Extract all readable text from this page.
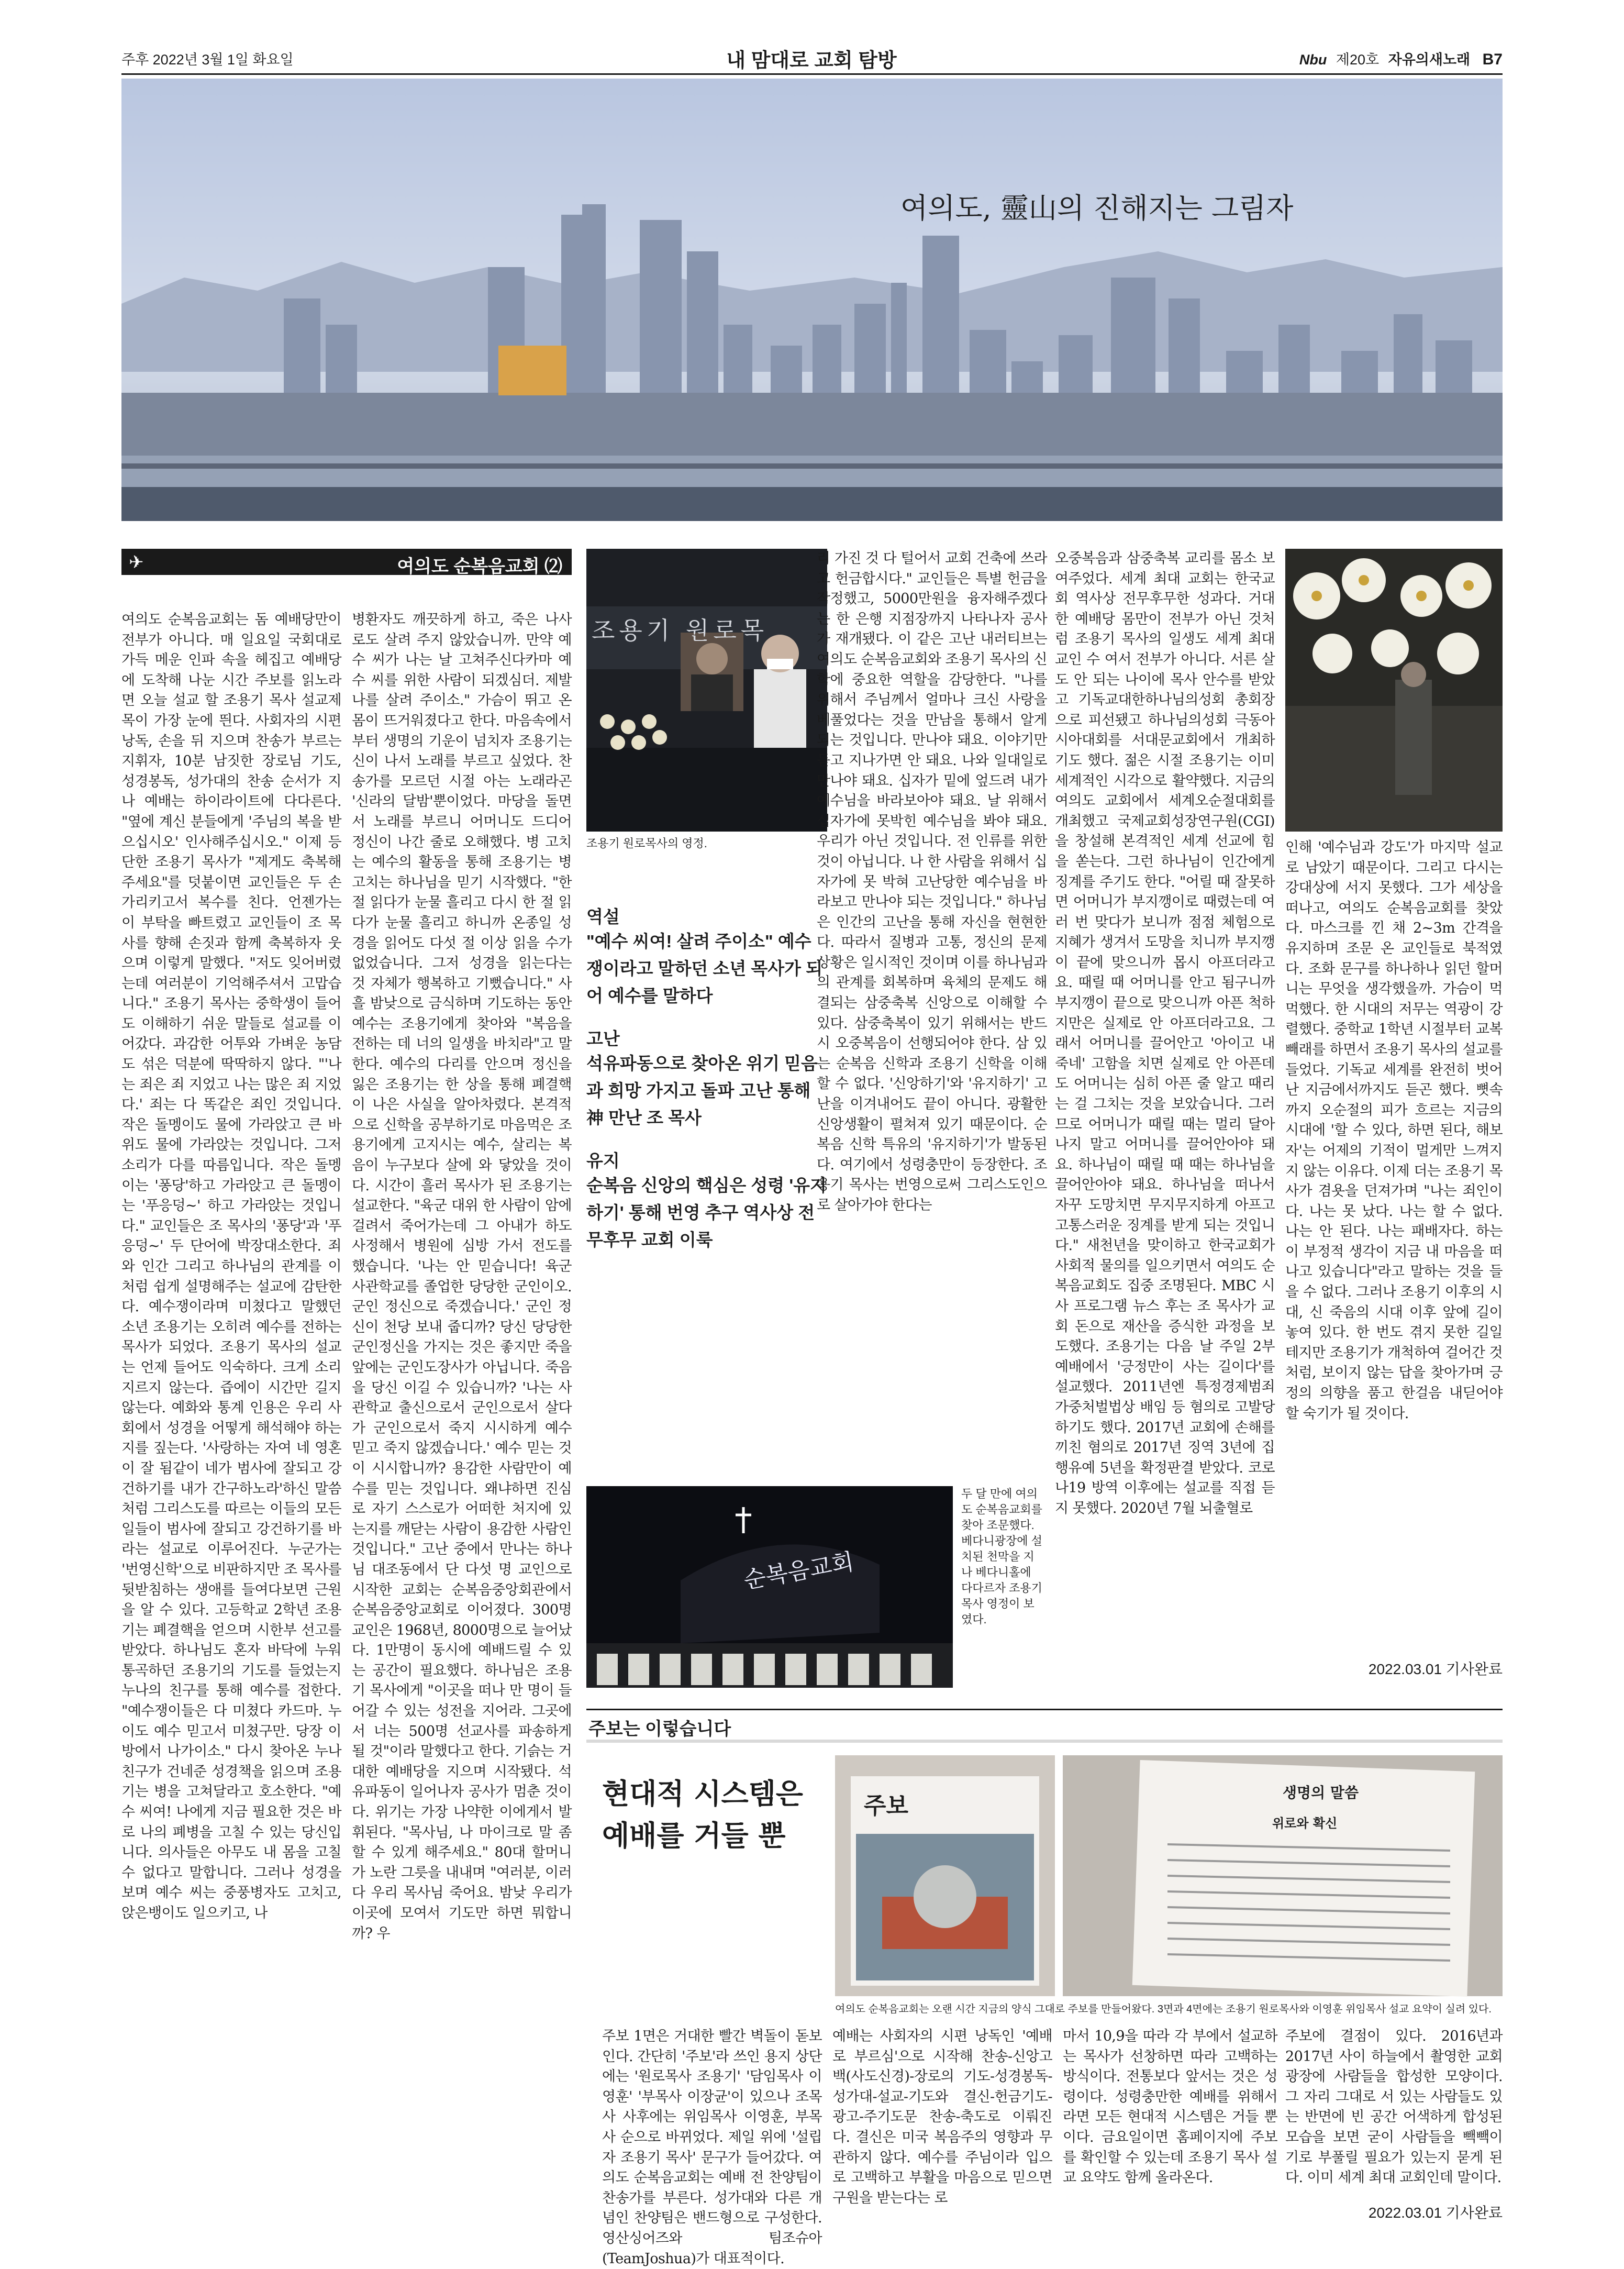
주후 2022년 3월 1일 화요일	내 맘대로 교회 탐방	Nbu 제20호 자유의새노래 B7
여의도, 靈山의 진해지는 그림자
✈	여의도 순복음교회 ⑵

여의도 순복음교회는 돔 예배당만이 전부가 아니다. 매 일요일 국회대로 가득 메운 인파 속을 헤집고 예배당에 도착해 나눈 시간 주보를 읽노라면 오늘 설교 할 조용기 목사 설교제목이 가장 눈에 띈다. 사회자의 시편 낭독, 손을 뒤 지으며 찬송가 부르는 지휘자, 10분 남짓한 장로님 기도, 성경봉독, 성가대의 찬송 순서가 지나 예배는 하이라이트에 다다른다. "옆에 계신 분들에게 '주님의 복을 받으십시오' 인사해주십시오." 이제 등단한 조용기 목사가 "제게도 축복해주세요"를 덧붙이면 교인들은 두 손 가리키고서 복수를 친다. 언젠가는 이 부탁을 빠트렸고 교인들이 조 목사를 향해 손짓과 함께 축복하자 웃으며 이렇게 말했다. "저도 잊어버렸는데 여러분이 기억해주셔서 고맙습니다." 조용기 목사는 중학생이 들어도 이해하기 쉬운 말들로 설교를 이어갔다. 과감한 어투와 가벼운 농담도 섞은 덕분에 딱딱하지 않다. "'나는 죄은 죄 지었고 나는 많은 죄 지었다.' 죄는 다 똑같은 죄인 것입니다. 작은 돌멩이도 물에 가라앉고 큰 바위도 물에 가라앉는 것입니다. 그저 소리가 다를 따름입니다. 작은 돌멩이는 '퐁당'하고 가라앉고 큰 돌멩이는 '푸응덩~' 하고 가라앉는 것입니다." 교인들은 조 목사의 '퐁당'과 '푸응덩~' 두 단어에 박장대소한다. 죄와 인간 그리고 하나님의 관계를 이처럼 쉽게 설명해주는 설교에 감탄한다. 예수쟁이라며 미쳤다고 말했던 소년 조용기는 오히려 예수를 전하는 목사가 되었다. 조용기 목사의 설교는 언제 들어도 익숙하다. 크게 소리 지르지 않는다. 즙에이 시간만 길지 않는다. 예화와 통계 인용은 우리 사회에서 성경을 어떻게 해석해야 하는지를 짚는다. '사랑하는 자여 네 영혼이 잘 됨같이 네가 범사에 잘되고 강건하기를 내가 간구하노라'하신 말씀처럼 그리스도를 따르는 이들의 모든 일들이 범사에 잘되고 강건하기를 바라는 설교로 이루어진다. 누군가는 '번영신학'으로 비판하지만 조 목사를 뒷받침하는 생애를 들여다보면 근원을 알 수 있다. 고등학교 2학년 조용기는 폐결핵을 얻으며 시한부 선고를 받았다. 하나님도 혼자 바닥에 누워 통곡하던 조용기의 기도를 들었는지 누나의 친구를 통해 예수를 접한다. "예수쟁이들은 다 미쳤다 카드마. 누이도 예수 믿고서 미쳤구만. 당장 이 방에서 나가이소." 다시 찾아온 누나 친구가 건네준 성경책을 읽으며 조용기는 병을 고쳐달라고 호소한다. "예수 씨여! 나에게 지금 필요한 것은 바로 나의 폐병을 고칠 수 있는 당신입니다. 의사들은 아무도 내 몸을 고칠 수 없다고 말합니다. 그러나 성경을 보며 예수 씨는 중풍병자도 고치고, 앉은뱅이도 일으키고, 나

병환자도 깨끗하게 하고, 죽은 나사로도 살려 주지 않았습니까. 만약 예수 씨가 나는 날 고쳐주신다카마 예수 씨를 위한 사람이 되겠심더. 제발 나를 살려 주이소." 가슴이 뛰고 온 몸이 뜨거워졌다고 한다. 마음속에서부터 생명의 기운이 넘치자 조용기는 신이 나서 노래를 부르고 싶었다. 찬송가를 모르던 시절 아는 노래라곤 '신라의 달밤'뿐이었다. 마당을 돌면서 노래를 부르니 어머니도 드디어 정신이 나간 줄로 오해했다. 병 고치는 예수의 활동을 통해 조용기는 병 고치는 하나님을 믿기 시작했다. "한 절 읽다가 눈물 흘리고 다시 한 절 읽다가 눈물 흘리고 하니까 온종일 성경을 읽어도 다섯 절 이상 읽을 수가 없었습니다. 그저 성경을 읽는다는 것 자체가 행복하고 기뻤습니다." 사흘 밤낮으로 금식하며 기도하는 동안 예수는 조용기에게 찾아와 "복음을 전하는 데 너의 일생을 바치라"고 말한다. 예수의 다리를 안으며 정신을 잃은 조용기는 한 상을 통해 폐결핵이 나은 사실을 알아차렸다. 본격적으로 신학을 공부하기로 마음먹은 조용기에게 고지시는 예수, 살리는 복음이 누구보다 살에 와 닿았을 것이다. 시간이 흘러 목사가 된 조용기는 설교한다. "육군 대위 한 사람이 암에 걸려서 죽어가는데 그 아내가 하도 사정해서 병원에 심방 가서 전도를 했습니다. '나는 안 믿습니다! 육군 사관학교를 졸업한 당당한 군인이오. 군인 정신으로 죽겠습니다.' 군인 정신이 천당 보내 줍디까? 당신 당당한 군인정신을 가지는 것은 좋지만 죽을 앞에는 군인도장사가 아닙니다. 죽음을 당신 이길 수 있습니까? '나는 사관학교 출신으로서 군인으로서 살다가 군인으로서 죽지 시시하게 예수 믿고 죽지 않겠습니다.' 예수 믿는 것이 시시합니까? 용감한 사람만이 예수를 믿는 것입니다. 왜냐하면 진심로 자기 스스로가 어떠한 처지에 있는지를 깨닫는 사람이 용감한 사람인 것입니다." 고난 중에서 만나는 하나님 대조동에서 단 다섯 명 교인으로 시작한 교회는 순복음중앙회관에서 순복음중앙교회로 이어졌다. 300명 교인은 1968년, 8000명으로 늘어났다. 1만명이 동시에 예배드릴 수 있는 공간이 필요했다. 하나님은 조용기 목사에게 "이곳을 떠나 만 명이 들어갈 수 있는 성전을 지어라. 그곳에서 너는 500명 선교사를 파송하게 될 것"이라 말했다고 한다. 기슭는 거대한 예배당을 지으며 시작됐다. 석유파동이 일어나자 공사가 멈춘 것이다. 위기는 가장 나약한 이에게서 발휘된다. "목사님, 나 마이크로 말 좀 할 수 있게 해주세요." 80대 할머니가 노란 그릇을 내내며 "여러분, 이러다 우리 목사님 죽어요. 밤낮 우리가 이곳에 모여서 기도만 하면 뭐합니까? 우

조용기 원로목
조용기 원로목사의 영정.
역설
"예수 씨여! 살려 주이소" 예수쟁이라고 말하던 소년 목사가 되어 예수를 말하다
고난
석유파동으로 찾아온 위기 믿음과 희망 가지고 돌파 고난 통해 神 만난 조 목사
유지
순복음 신앙의 핵심은 성령 '유지하기' 통해 번영 추구 역사상 전무후무 교회 이룩

리 가진 것 다 털어서 교회 건축에 쓰라고 헌금합시다." 교인들은 특별 헌금을 작정했고, 5000만원을 융자해주겠다는 한 은행 지점장까지 나타나자 공사가 재개됐다. 이 같은 고난 내러티브는 여의도 순복음교회와 조용기 목사의 신학에 중요한 역할을 감당한다. "나를 위해서 주님께서 얼마나 크신 사랑을 베풀었다는 것을 만남을 통해서 알게 되는 것입니다. 만나야 돼요. 이야기만 듣고 지나가면 안 돼요. 나와 일대일로 만나야 돼요. 십자가 밑에 엎드려 내가 예수님을 바라보아야 돼요. 날 위해서 십자가에 못박힌 예수님을 봐야 돼요. 우리가 아닌 것입니다. 전 인류를 위한 것이 아닙니다. 나 한 사람을 위해서 십자가에 못 박혀 고난당한 예수님을 바라보고 만나야 되는 것입니다." 하나님은 인간의 고난을 통해 자신을 현현한다. 따라서 질병과 고통, 정신의 문제 상황은 일시적인 것이며 이를 하나님과의 관계를 회복하며 육체의 문제도 해결되는 삼중축복 신앙으로 이해할 수 있다. 삼중축복이 있기 위해서는 반드시 오중복음이 선행되어야 한다. 삼 있는 순복음 신학과 조용기 신학을 이해할 수 없다. '신앙하기'와 '유지하기' 고난을 이겨내어도 끝이 아니다. 광활한 신앙생활이 펼쳐져 있기 때문이다. 순복음 신학 특유의 '유지하기'가 발동된다. 여기에서 성령충만이 등장한다. 조용기 목사는 번영으로써 그리스도인으로 살아가야 한다는

오중복음과 삼중축복 교리를 몸소 보여주었다. 세계 최대 교회는 한국교회 역사상 전무후무한 성과다. 거대한 예배당 몸만이 전부가 아닌 것처럼 조용기 목사의 일생도 세계 최대 교인 수 여서 전부가 아니다. 서른 살도 안 되는 나이에 목사 안수를 받았고 기독교대한하나님의성회 총회장으로 피선됐고 하나님의성회 극동아시아대회를 서대문교회에서 개최하기도 했다. 젊은 시절 조용기는 이미 세계적인 시각으로 활약했다. 지금의 여의도 교회에서 세계오순절대회를 개최했고 국제교회성장연구원(CGI)을 창설해 본격적인 세계 선교에 힘을 쏟는다. 그런 하나님이 인간에게 징계를 주기도 한다. "어릴 때 잘못하면 어머니가 부지깽이로 때렸는데 여러 번 맞다가 보니까 점점 체험으로 지혜가 생겨서 도망을 치니까 부지깽이 끝에 맞으니까 몹시 아프더라고요. 때릴 때 어머니를 안고 됨구니까 부지깽이 끝으로 맞으니까 아픈 척하지만은 실제로 안 아프더라고요. 그래서 어머니를 끌어안고 '아이고 내 죽네' 고함을 치면 실제로 안 아픈데도 어머니는 심히 아픈 줄 알고 때리는 걸 그치는 것을 보았습니다. 그러므로 어머니가 때릴 때는 멀리 달아나지 말고 어머니를 끌어안아야 돼요. 하나님이 때릴 때 때는 하나님을 끌어안아야 돼요. 하나님을 떠나서 자꾸 도망치면 무지무지하게 아프고 고통스러운 징계를 받게 되는 것입니다." 새천년을 맞이하고 한국교회가 사회적 물의를 일으키면서 여의도 순복음교회도 집중 조명된다. MBC 시사 프로그램 뉴스 후는 조 목사가 교회 돈으로 재산을 증식한 과정을 보도했다. 조용기는 다음 날 주일 2부예배에서 '긍정만이 사는 길이다'를 설교했다. 2011년엔 특정경제범죄가중처벌법상 배임 등 혐의로 고발당하기도 했다. 2017년 교회에 손해를 끼친 혐의로 2017년 징역 3년에 집행유예 5년을 확정판결 받았다. 코로나19 방역 이후에는 설교를 직접 듣지 못했다. 2020년 7월 뇌출혈로

인해 '예수님과 강도'가 마지막 설교로 남았기 때문이다. 그리고 다시는 강대상에 서지 못했다. 그가 세상을 떠나고, 여의도 순복음교회를 찾았다. 마스크를 낀 채 2~3m 간격을 유지하며 조문 온 교인들로 북적였다. 조화 문구를 하나하나 읽던 할머니는 무엇을 생각했을까. 가슴이 먹먹했다. 한 시대의 저무는 역광이 강렬했다. 중학교 1학년 시절부터 교복 빼래를 하면서 조용기 목사의 설교를 들었다. 기독교 세계를 완전히 벗어난 지금에서까지도 듣곤 했다. 뼛속까지 오순절의 피가 흐르는 지금의 시대에 '할 수 있다, 하면 된다, 해보자'는 어제의 기적이 멀게만 느껴지지 않는 이유다. 이제 더는 조용기 목사가 겸욧을 던져가며 "나는 죄인이다. 나는 못 났다. 나는 할 수 없다. 나는 안 된다. 나는 패배자다. 하는 이 부정적 생각이 지금 내 마음을 떠나고 있습니다"라고 말하는 것을 들을 수 없다. 그러나 조용기 이후의 시대, 신 죽음의 시대 이후 앞에 길이 놓여 있다. 한 번도 겪지 못한 길일 테지만 조용기가 개척하여 걸어간 것처럼, 보이지 않는 답을 찾아가며 긍정의 의향을 품고 한걸음 내딛어야 할 숙기가 될 것이다.

2022.03.01 기사완료
순복음교회
두 달 만에 여의도 순복음교회를 찾아 조문했다. 베다니광장에 설치된 천막을 지나 베다니홀에 다다르자 조용기 목사 영정이 보였다.
주보는 이렇습니다
현대적 시스템은
예배를 거들 뿐
주보	생명의 말씀
위로와 확신
여의도 순복음교회는 오랜 시간 지금의 양식 그대로 주보를 만들어왔다. 3면과 4면에는 조용기 원로목사와 이영훈 위임목사 설교 요약이 실려 있다.

주보 1면은 거대한 빨간 벽돌이 돋보인다. 간단히 '주보'라 쓰인 용지 상단에는 '원로목사 조용기' '담임목사 이영훈' '부목사 이장균'이 있으나 조목사 사후에는 위임목사 이영훈, 부목사 순으로 바뀌었다. 제일 위에 '설립자 조용기 목사' 문구가 들어갔다. 여의도 순복음교회는 예배 전 찬양팀이 찬송가를 부른다. 성가대와 다른 개념인 찬양팀은 밴드형으로 구성한다. 영산싱어즈와 팀조슈아(TeamJoshua)가 대표적이다.

예배는 사회자의 시편 낭독인 '예배로 부르심'으로 시작해 찬송-신앙고백(사도신경)-장로의 기도-성경봉독-성가대-설교-기도와 결신-헌금기도-광고-주기도문 찬송-축도로 이뤄진다. 결신은 미국 복음주의 영향과 무관하지 않다. 예수를 주님이라 입으로 고백하고 부활을 마음으로 믿으면 구원을 받는다는 로

마서 10,9을 따라 각 부에서 설교하는 목사가 선창하면 따라 고백하는 방식이다. 전통보다 앞서는 것은 성령이다. 성령충만한 예배를 위해서라면 모든 현대적 시스템은 거들 뿐이다. 금요일이면 홈페이지에 주보를 확인할 수 있는데 조용기 목사 설교 요약도 함께 올라온다.

주보에 결점이 있다. 2016년과 2017년 사이 하늘에서 촬영한 교회 광장에 사람들을 합성한 모양이다. 그 자리 그대로 서 있는 사람들도 있는 반면에 빈 공간 어색하게 합성된 모습을 보면 굳이 사람들을 빽빽이 기로 부풀릴 필요가 있는지 묻게 된다. 이미 세계 최대 교회인데 말이다.

2022.03.01 기사완료
